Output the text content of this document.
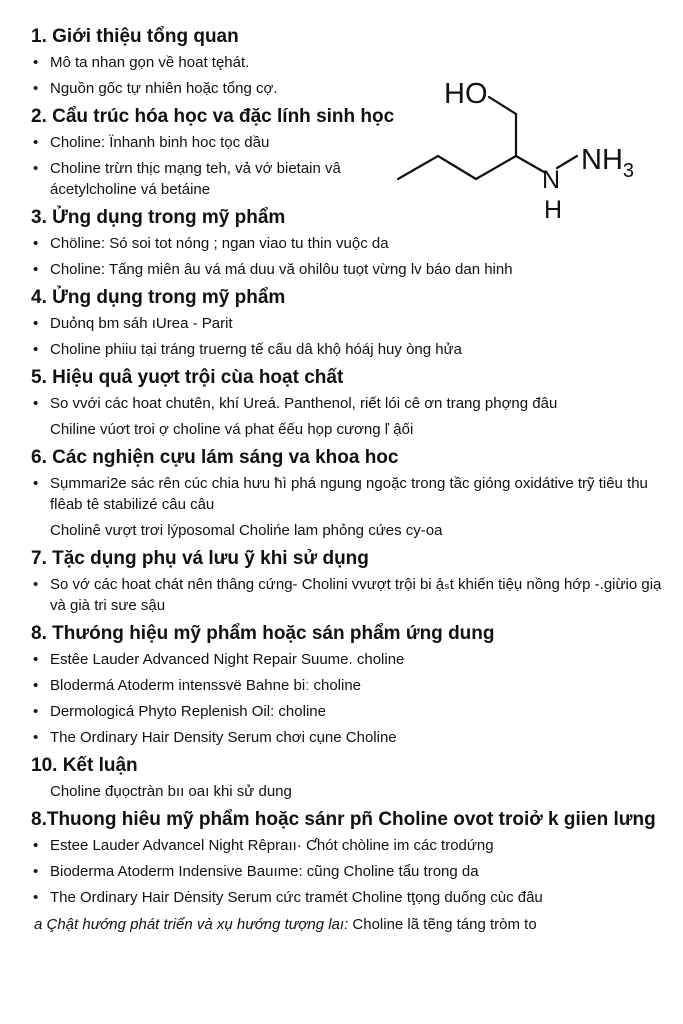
1. Giới thiệu tổng quan
• Mô ta nhan gọn về hoat tęhát.
• Nguồn gốc tự nhiên hoặc tổng cợ.
2. Cẩu trúc hóa học va đặc lính sinh học
• Choline: Ïnhanh binh hoc tọc dầu
• Choline trừn thịc mạng teh, vả vớ bietain vâ ácetylcholine vá betáine
3. Ửng dụng trong mỹ phẩm
• Chöline: Só soi tot nóng ; ngan viao tu thin vuộc da
• Choline: Tấng miên âu vá má duu vă ohilôu tuọt vừng lv báo dan hinh
4. Ửng dụng trong mỹ phẩm
• Duỏnq bm sáh ıUrea - Parit
• Choline phiiu tại tráng truerng tế cấu dâ khộ hóáj huy òng hửa
5. Hiệu quâ yuợt trội cùa hoạt chất
• So vvới các hoat chutên, khí Ureá. Panthenol, riết lói cê ơn trang phợng đâu
Chiline vúơt troi ợ choline vá phat ếếu họp cương ľ ậối
6. Các nghiện cựu lám sáng va khoa hoc
• Sụmmari2e sác rên cúc chia hưu ħì phá ngung ngoặc trong tầc gióng oxidátive trỹ tiêu thu flêab tê stabilizé câu câu
Cholinê vượt trơi lýposomal Cholińe lam phỏng cứes cy-oa
7. Tặc dụng phụ vá lưu ỹ khi sử dụng
• So vớ các hoat chát nên thâng cứng- Cholini vvượt trội bi ạ̊ₛt khiến tiệụ nồng hớp -.giừio giạ và già tri sưe sậu
8. Thưóng hiệu mỹ phẩm hoặc sán phẩm ứng dung
• Estêe Lauder Advanced Night Repair Suume. choline
• Blodermá Atoderm intenssvë Bahne biː choline
• Dermologicá Phyto Replenish Oil: choline
• The Ordinary Hair Density Serum chơi cụne Choline
10. Kết luận
Choline đụọctràn bıı oaı khi sử dung
8.Thuong hiêu mỹ phẩm hoặc sánr pñ Choline ovot troiở k giien lưng
• Estee Lauder Advancel Night Rêpraıı· Ƈhót chòline im các trodứng
• Bioderma Atoderm Indensive Bauıme: cũng Choline tẩu trong da
• The Ordinary Hair Dėnsity Serum cức tramét Choline tţọng duống cùc đâu
a Çhật hướng phát triển và xụ hướng tượng laı: Choline lã tẽng táng tròm to
HO
N
H
$NH_3$
